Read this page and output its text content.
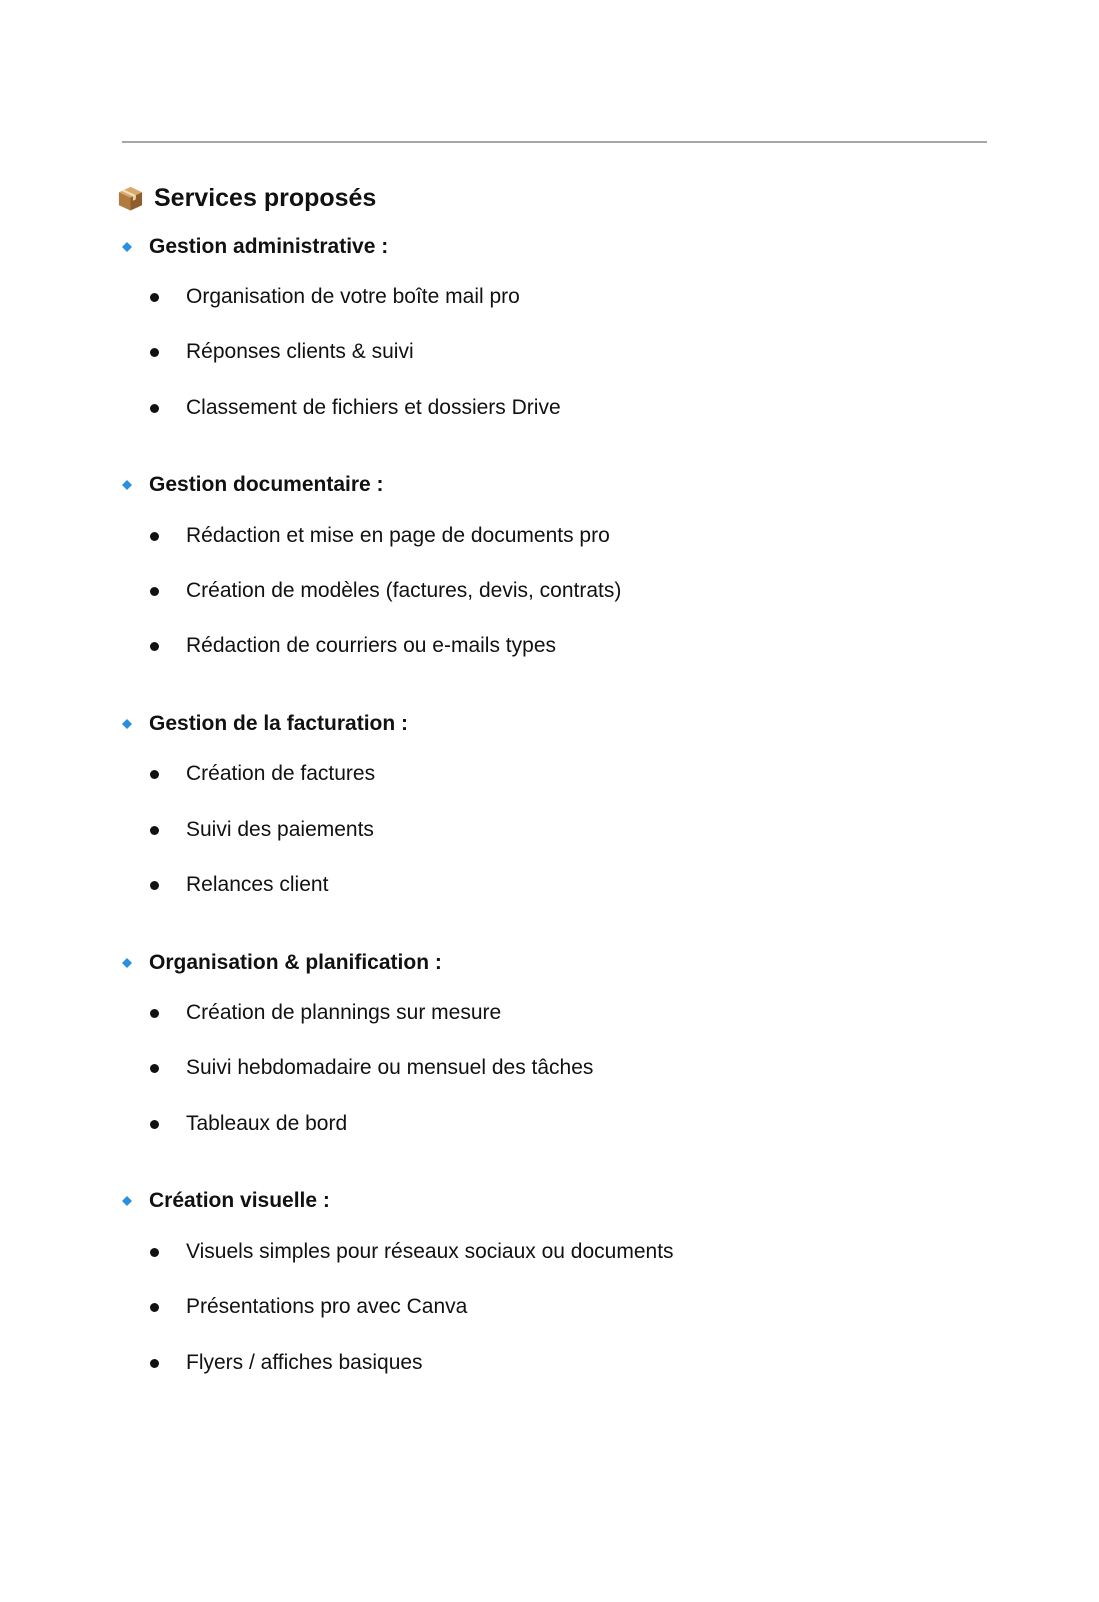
Services proposés
Gestion administrative :
Organisation de votre boîte mail pro
Réponses clients & suivi
Classement de fichiers et dossiers Drive
Gestion documentaire :
Rédaction et mise en page de documents pro
Création de modèles (factures, devis, contrats)
Rédaction de courriers ou e-mails types
Gestion de la facturation :
Création de factures
Suivi des paiements
Relances client
Organisation & planification :
Création de plannings sur mesure
Suivi hebdomadaire ou mensuel des tâches
Tableaux de bord
Création visuelle :
Visuels simples pour réseaux sociaux ou documents
Présentations pro avec Canva
Flyers / affiches basiques
